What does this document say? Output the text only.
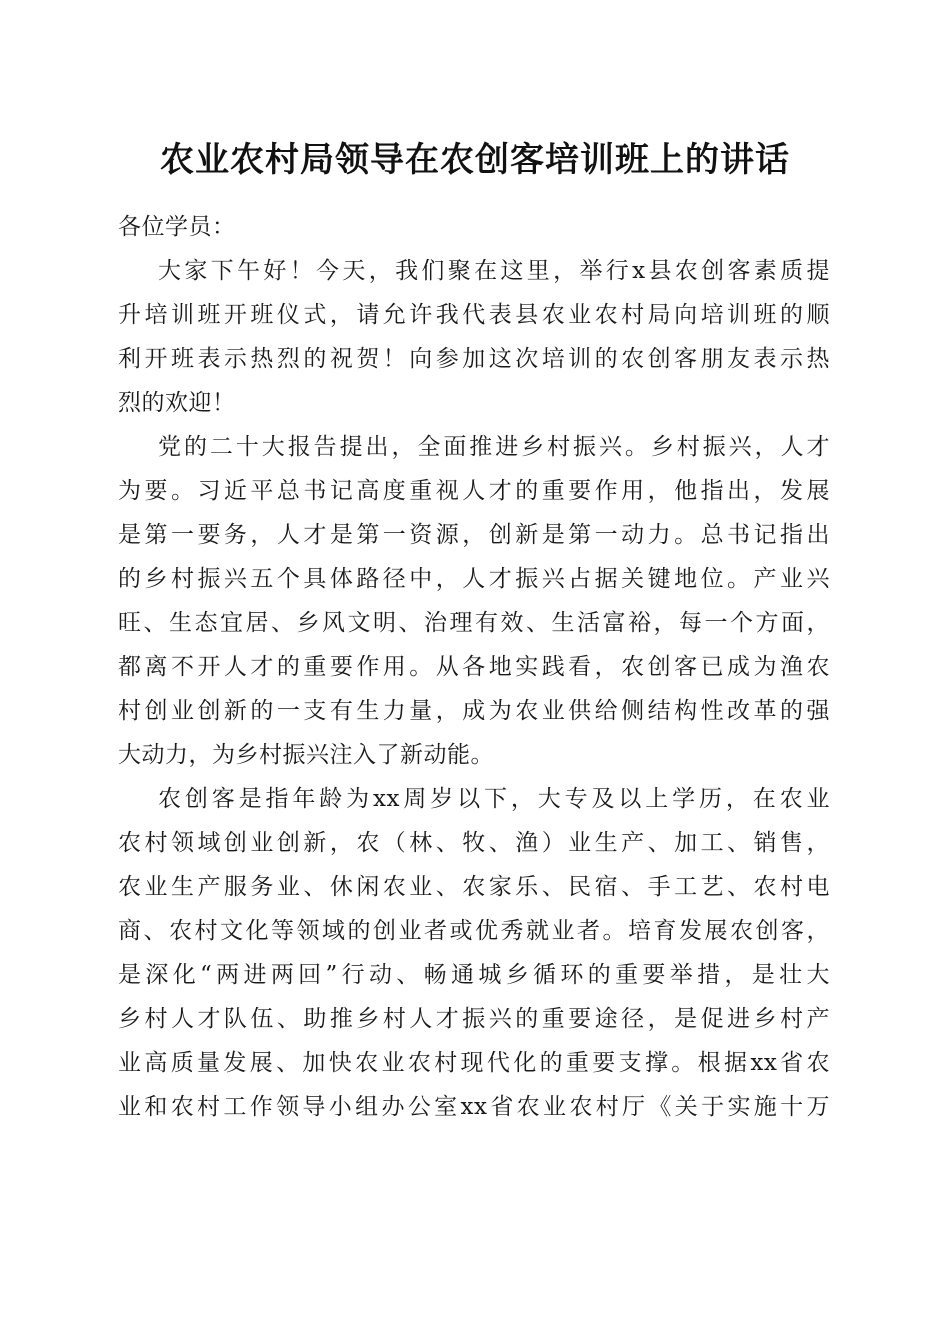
农业农村局领导在农创客培训班上的讲话
各位学员：
大家下午好！今天，我们聚在这里，举行x县农创客素质提
升培训班开班仪式，请允许我代表县农业农村局向培训班的顺
利开班表示热烈的祝贺！向参加这次培训的农创客朋友表示热
烈的欢迎！
党的二十大报告提出，全面推进乡村振兴。乡村振兴，人才
为要。习近平总书记高度重视人才的重要作用，他指出，发展
是第一要务，人才是第一资源，创新是第一动力。总书记指出
的乡村振兴五个具体路径中，人才振兴占据关键地位。产业兴
旺、生态宜居、乡风文明、治理有效、生活富裕，每一个方面，
都离不开人才的重要作用。从各地实践看，农创客已成为渔农
村创业创新的一支有生力量，成为农业供给侧结构性改革的强
大动力，为乡村振兴注入了新动能。
农创客是指年龄为xx周岁以下，大专及以上学历，在农业
农村领域创业创新，农（林、牧、渔）业生产、加工、销售，
农业生产服务业、休闲农业、农家乐、民宿、手工艺、农村电
商、农村文化等领域的创业者或优秀就业者。培育发展农创客，
是深化“两进两回”行动、畅通城乡循环的重要举措，是壮大
乡村人才队伍、助推乡村人才振兴的重要途径，是促进乡村产
业高质量发展、加快农业农村现代化的重要支撑。根据xx省农
业和农村工作领导小组办公室xx省农业农村厅《关于实施十万
